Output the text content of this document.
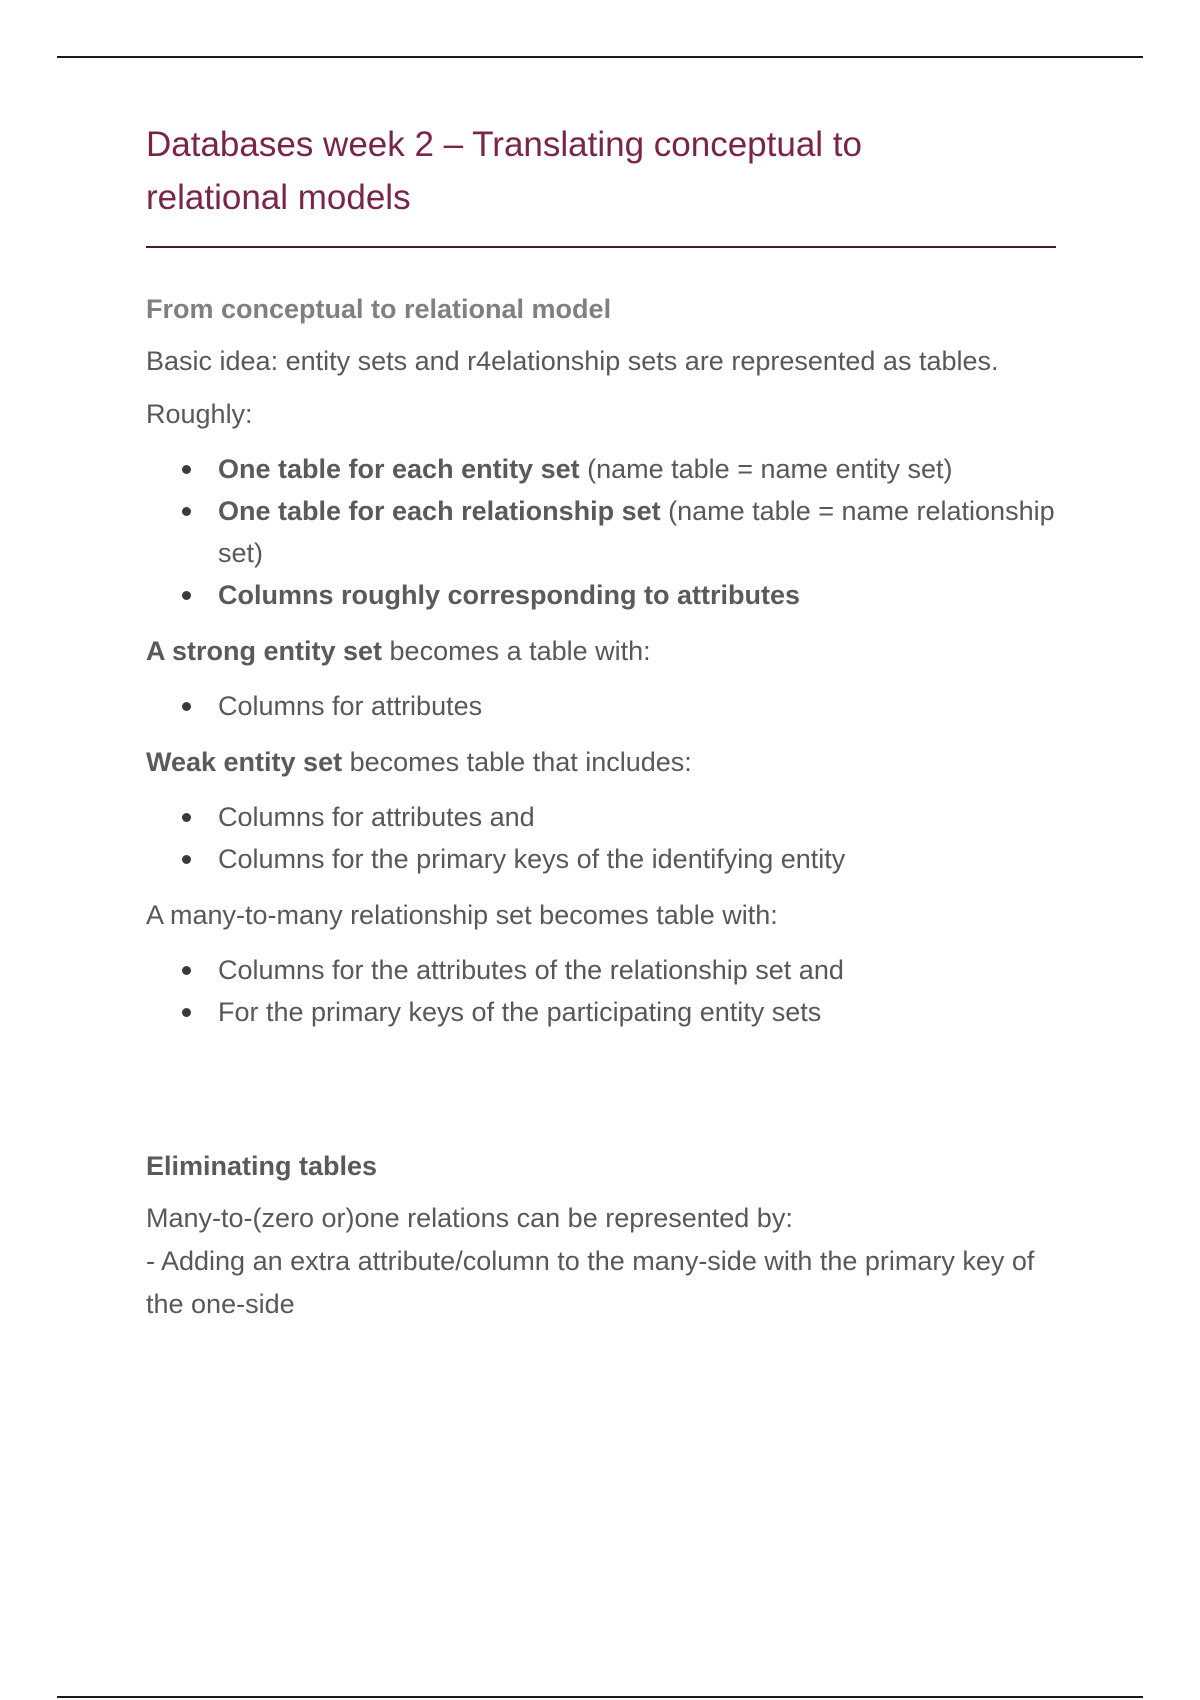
Databases week 2 – Translating conceptual to
relational models
From conceptual to relational model

Basic idea: entity sets and r4elationship sets are represented as tables.

Roughly:

One table for each entity set (name table = name entity set)
One table for each relationship set (name table = name relationship set)
Columns roughly corresponding to attributes

A strong entity set becomes a table with:

Columns for attributes

Weak entity set becomes table that includes:

Columns for attributes and
Columns for the primary keys of the identifying entity

A many-to-many relationship set becomes table with:

Columns for the attributes of the relationship set and
For the primary keys of the participating entity sets
Eliminating tables

Many-to-(zero or)one relations can be represented by:

- Adding an extra attribute/column to the many-side with the primary key of the one-side
